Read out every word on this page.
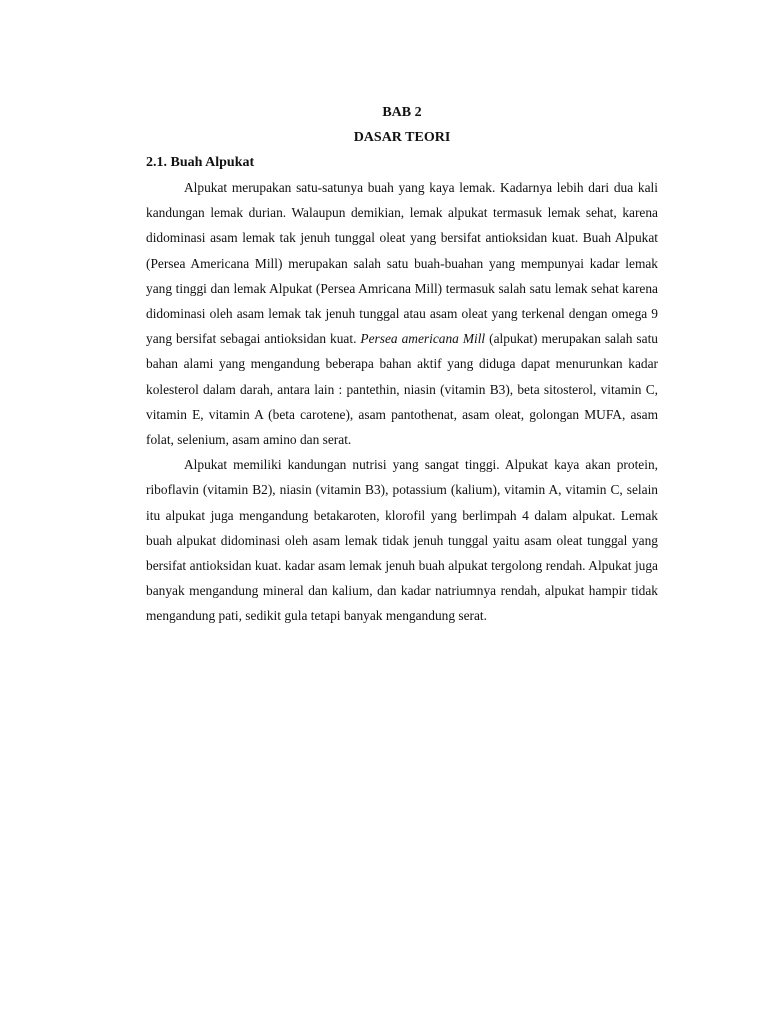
BAB 2
DASAR TEORI
2.1. Buah Alpukat

Alpukat merupakan satu-satunya buah yang kaya lemak. Kadarnya lebih dari dua kali kandungan lemak durian. Walaupun demikian, lemak alpukat termasuk lemak sehat, karena didominasi asam lemak tak jenuh tunggal oleat yang bersifat antioksidan kuat. Buah Alpukat (Persea Americana Mill) merupakan salah satu buah-buahan yang mempunyai kadar lemak yang tinggi dan lemak Alpukat (Persea Amricana Mill) termasuk salah satu lemak sehat karena didominasi oleh asam lemak tak jenuh tunggal atau asam oleat yang terkenal dengan omega 9 yang bersifat sebagai antioksidan kuat. Persea americana Mill (alpukat) merupakan salah satu bahan alami yang mengandung beberapa bahan aktif yang diduga dapat menurunkan kadar kolesterol dalam darah, antara lain : pantethin, niasin (vitamin B3), beta sitosterol, vitamin C, vitamin E, vitamin A (beta carotene), asam pantothenat, asam oleat, golongan MUFA, asam folat, selenium, asam amino dan serat.

Alpukat memiliki kandungan nutrisi yang sangat tinggi. Alpukat kaya akan protein, riboflavin (vitamin B2), niasin (vitamin B3), potassium (kalium), vitamin A, vitamin C, selain itu alpukat juga mengandung betakaroten, klorofil yang berlimpah 4 dalam alpukat. Lemak buah alpukat didominasi oleh asam lemak tidak jenuh tunggal yaitu asam oleat tunggal yang bersifat antioksidan kuat. kadar asam lemak jenuh buah alpukat tergolong rendah. Alpukat juga banyak mengandung mineral dan kalium, dan kadar natriumnya rendah, alpukat hampir tidak mengandung pati, sedikit gula tetapi banyak mengandung serat.
